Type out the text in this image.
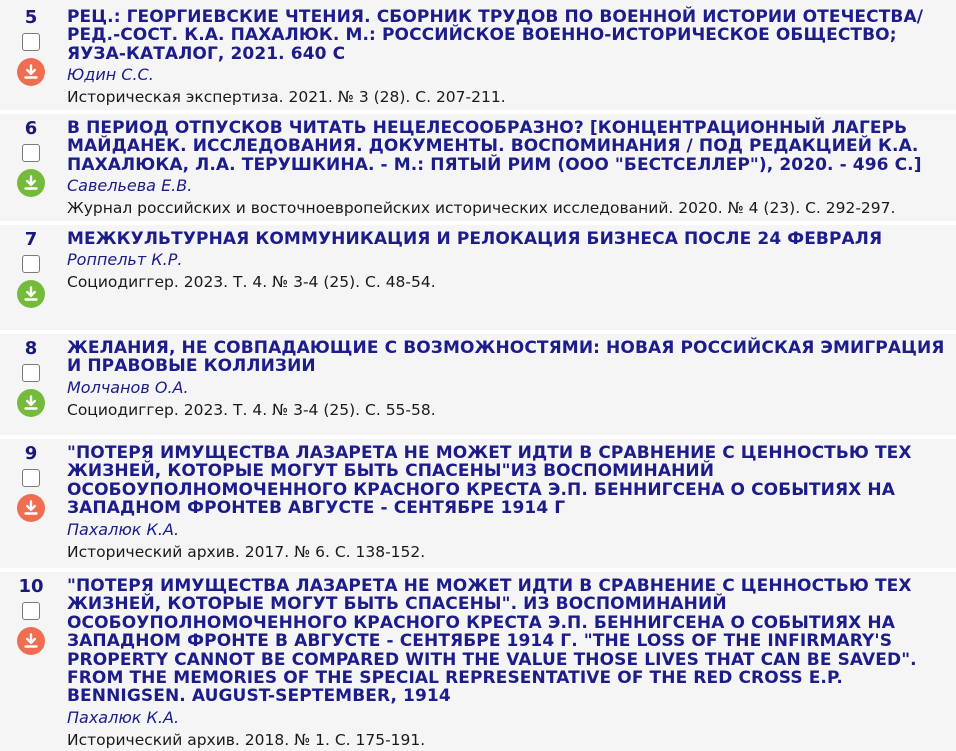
5 РЕЦ.: ГЕОРГИЕВСКИЕ ЧТЕНИЯ. СБОРНИК ТРУДОВ ПО ВОЕННОЙ ИСТОРИИ ОТЕЧЕСТВА/ РЕД.-СОСТ. К.А. ПАХАЛЮК. М.: РОССИЙСКОЕ ВОЕННО-ИСТОРИЧЕСКОЕ ОБЩЕСТВО; ЯУЗА-КАТАЛОГ, 2021. 640 С
Юдин С.С.
Историческая экспертиза. 2021. № 3 (28). С. 207-211.
6 В ПЕРИОД ОТПУСКОВ ЧИТАТЬ НЕЦЕЛЕСООБРАЗНО? [КОНЦЕНТРАЦИОННЫЙ ЛАГЕРЬ МАЙДАНЕК. ИССЛЕДОВАНИЯ. ДОКУМЕНТЫ. ВОСПОМИНАНИЯ / ПОД РЕДАКЦИЕЙ К.А. ПАХАЛЮКА, Л.А. ТЕРУШКИНА. - М.: ПЯТЫЙ РИМ (ООО "БЕСТСЕЛЛЕР"), 2020. - 496 С.]
Савельева Е.В.
Журнал российских и восточноевропейских исторических исследований. 2020. № 4 (23). С. 292-297.
7 МЕЖКУЛЬТУРНАЯ КОММУНИКАЦИЯ И РЕЛОКАЦИЯ БИЗНЕСА ПОСЛЕ 24 ФЕВРАЛЯ
Роппельт К.Р.
Социодиггер. 2023. Т. 4. № 3-4 (25). С. 48-54.
8 ЖЕЛАНИЯ, НЕ СОВПАДАЮЩИЕ С ВОЗМОЖНОСТЯМИ: НОВАЯ РОССИЙСКАЯ ЭМИГРАЦИЯ И ПРАВОВЫЕ КОЛЛИЗИИ
Молчанов О.А.
Социодиггер. 2023. Т. 4. № 3-4 (25). С. 55-58.
9 "ПОТЕРЯ ИМУЩЕСТВА ЛАЗАРЕТА НЕ МОЖЕТ ИДТИ В СРАВНЕНИЕ С ЦЕННОСТЬЮ ТЕХ ЖИЗНЕЙ, КОТОРЫЕ МОГУТ БЫТЬ СПАСЕНЫ"ИЗ ВОСПОМИНАНИЙ ОСОБОУПОЛНОМОЧЕННОГО КРАСНОГО КРЕСТА Э.П. БЕННИГСЕНА О СОБЫТИЯХ НА ЗАПАДНОМ ФРОНТЕВ АВГУСТЕ - СЕНТЯБРЕ 1914 Г
Пахалюк К.А.
Исторический архив. 2017. № 6. С. 138-152.
10 "ПОТЕРЯ ИМУЩЕСТВА ЛАЗАРЕТА НЕ МОЖЕТ ИДТИ В СРАВНЕНИЕ С ЦЕННОСТЬЮ ТЕХ ЖИЗНЕЙ, КОТОРЫЕ МОГУТ БЫТЬ СПАСЕНЫ". ИЗ ВОСПОМИНАНИЙ ОСОБОУПОЛНОМОЧЕННОГО КРАСНОГО КРЕСТА Э.П. БЕННИГСЕНА О СОБЫТИЯХ НА ЗАПАДНОМ ФРОНТЕ В АВГУСТЕ - СЕНТЯБРЕ 1914 Г. "THE LOSS OF THE INFIRMARY'S PROPERTY CANNOT BE COMPARED WITH THE VALUE THOSE LIVES THAT CAN BE SAVED". FROM THE MEMORIES OF THE SPECIAL REPRESENTATIVE OF THE RED CROSS E.P. BENNIGSEN. AUGUST-SEPTEMBER, 1914
Пахалюк К.А.
Исторический архив. 2018. № 1. С. 175-191.
